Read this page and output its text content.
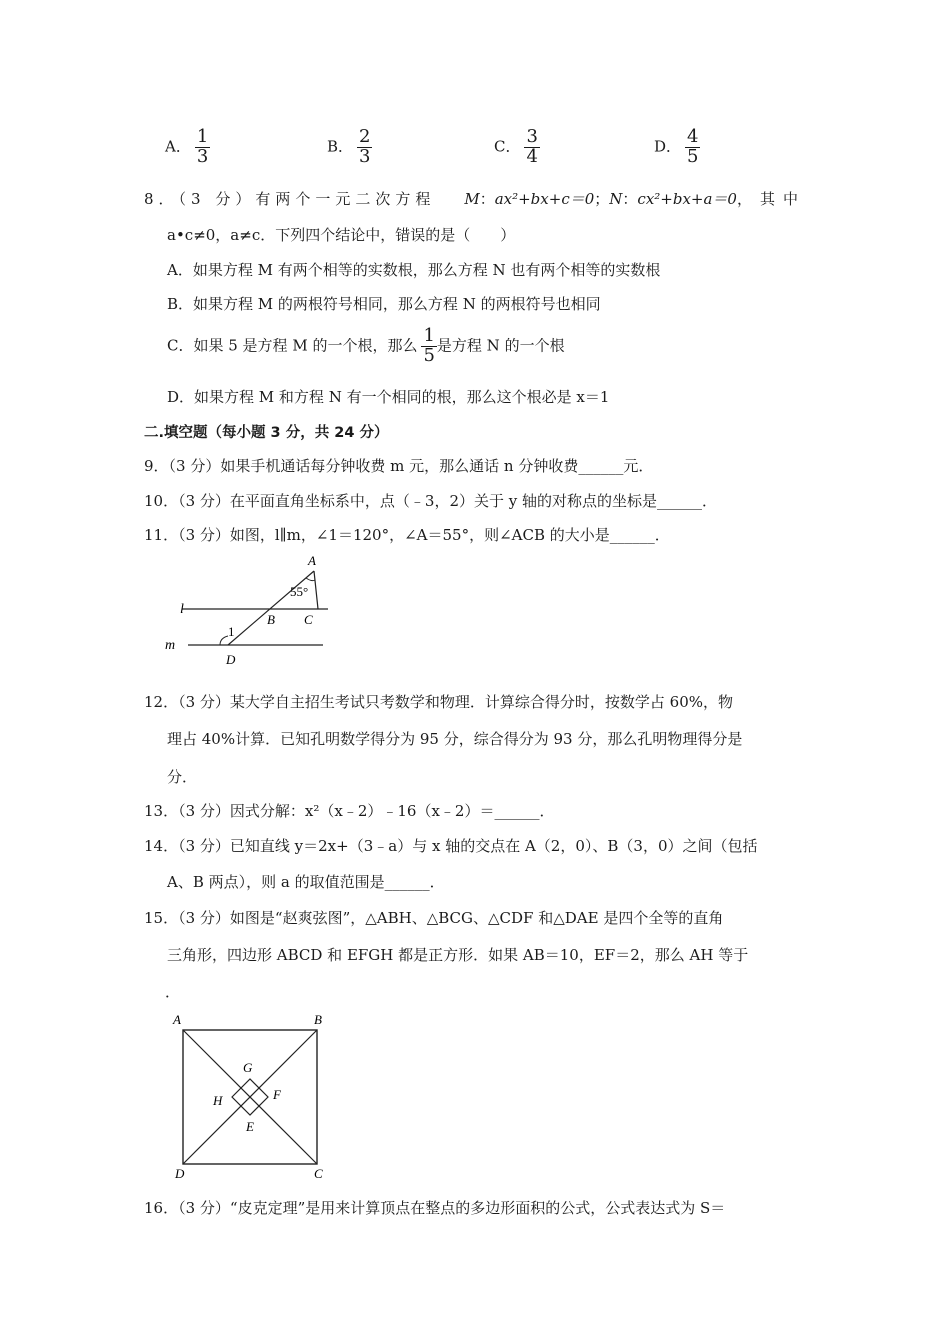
A． $\frac{1}{3}$	B． $\frac{2}{3}$	C． $\frac{3}{4}$	D． $\frac{4}{5}$
8．（3 分）有两个一元二次方程 M：ax²+bx+c＝0；N：cx²+bx+a＝0，其中
a•c≠0，a≠c．下列四个结论中，错误的是（　　）
A．如果方程 M 有两个相等的实数根，那么方程 N 也有两个相等的实数根
B．如果方程 M 的两根符号相同，那么方程 N 的两根符号也相同
C．如果 5 是方程 M 的一个根，那么 $\frac{1}{5}$ 是方程 N 的一个根
D．如果方程 M 和方程 N 有一个相同的根，那么这个根必是 x＝1
二.填空题（每小题 3 分，共 24 分）
9．（3 分）如果手机通话每分钟收费 m 元，那么通话 n 分钟收费______元．
10．（3 分）在平面直角坐标系中，点（﹣3，2）关于 y 轴的对称点的坐标是______．
11．（3 分）如图，l∥m，∠1＝120°，∠A＝55°，则∠ACB 的大小是______．
A
55°
l
m
B C
1
D
12．（3 分）某大学自主招生考试只考数学和物理．计算综合得分时，按数学占 60%，物
理占 40%计算．已知孔明数学得分为 95 分，综合得分为 93 分，那么孔明物理得分是
分．
13．（3 分）因式分解：x²（x﹣2）﹣16（x﹣2）＝______．
14．（3 分）已知直线 y＝2x+（3﹣a）与 x 轴的交点在 A（2，0）、B（3，0）之间（包括
A、B 两点），则 a 的取值范围是______．
15．（3 分）如图是“赵爽弦图”，△ABH、△BCG、△CDF 和△DAE 是四个全等的直角
三角形，四边形 ABCD 和 EFGH 都是正方形．如果 AB＝10，EF＝2，那么 AH 等于
．
A	B
C
D
G
H	F
E
16．（3 分）“皮克定理”是用来计算顶点在整点的多边形面积的公式，公式表达式为 S＝
